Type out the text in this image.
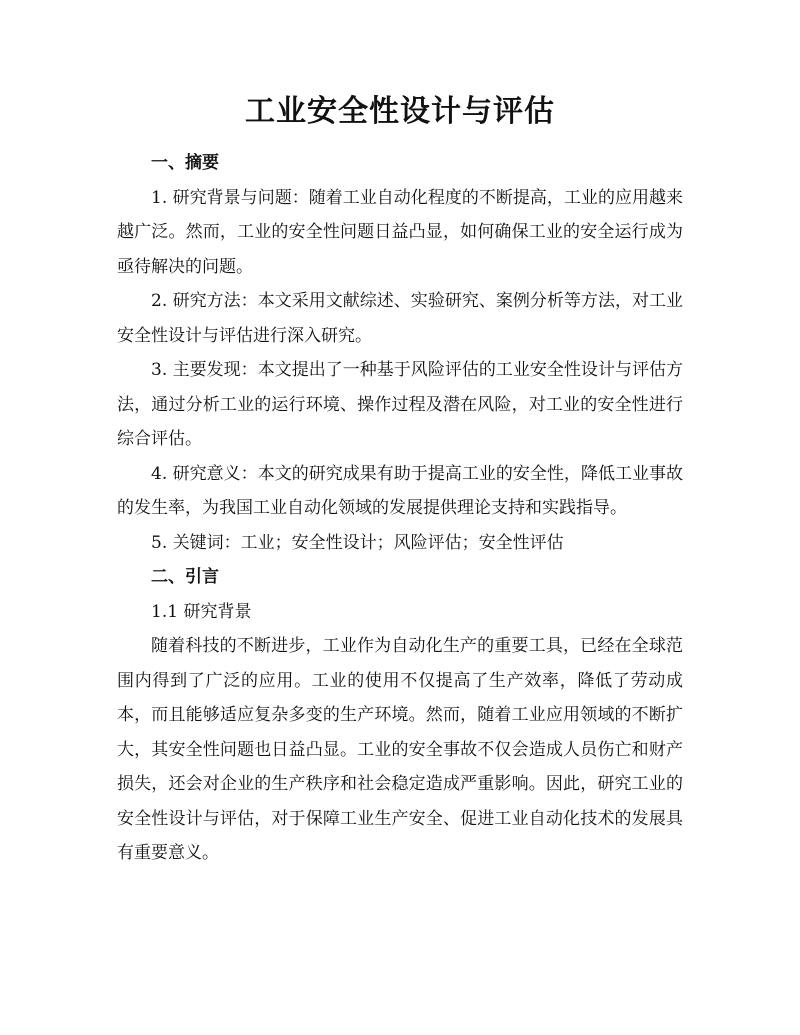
工业安全性设计与评估

一、摘要

1. 研究背景与问题：随着工业自动化程度的不断提高，工业的应用越来越广泛。然而，工业的安全性问题日益凸显，如何确保工业的安全运行成为亟待解决的问题。

2. 研究方法：本文采用文献综述、实验研究、案例分析等方法，对工业安全性设计与评估进行深入研究。

3. 主要发现：本文提出了一种基于风险评估的工业安全性设计与评估方法，通过分析工业的运行环境、操作过程及潜在风险，对工业的安全性进行综合评估。

4. 研究意义：本文的研究成果有助于提高工业的安全性，降低工业事故的发生率，为我国工业自动化领域的发展提供理论支持和实践指导。

5. 关键词：工业；安全性设计；风险评估；安全性评估

二、引言

1.1 研究背景

随着科技的不断进步，工业作为自动化生产的重要工具，已经在全球范围内得到了广泛的应用。工业的使用不仅提高了生产效率，降低了劳动成本，而且能够适应复杂多变的生产环境。然而，随着工业应用领域的不断扩大，其安全性问题也日益凸显。工业的安全事故不仅会造成人员伤亡和财产损失，还会对企业的生产秩序和社会稳定造成严重影响。因此，研究工业的安全性设计与评估，对于保障工业生产安全、促进工业自动化技术的发展具有重要意义。
